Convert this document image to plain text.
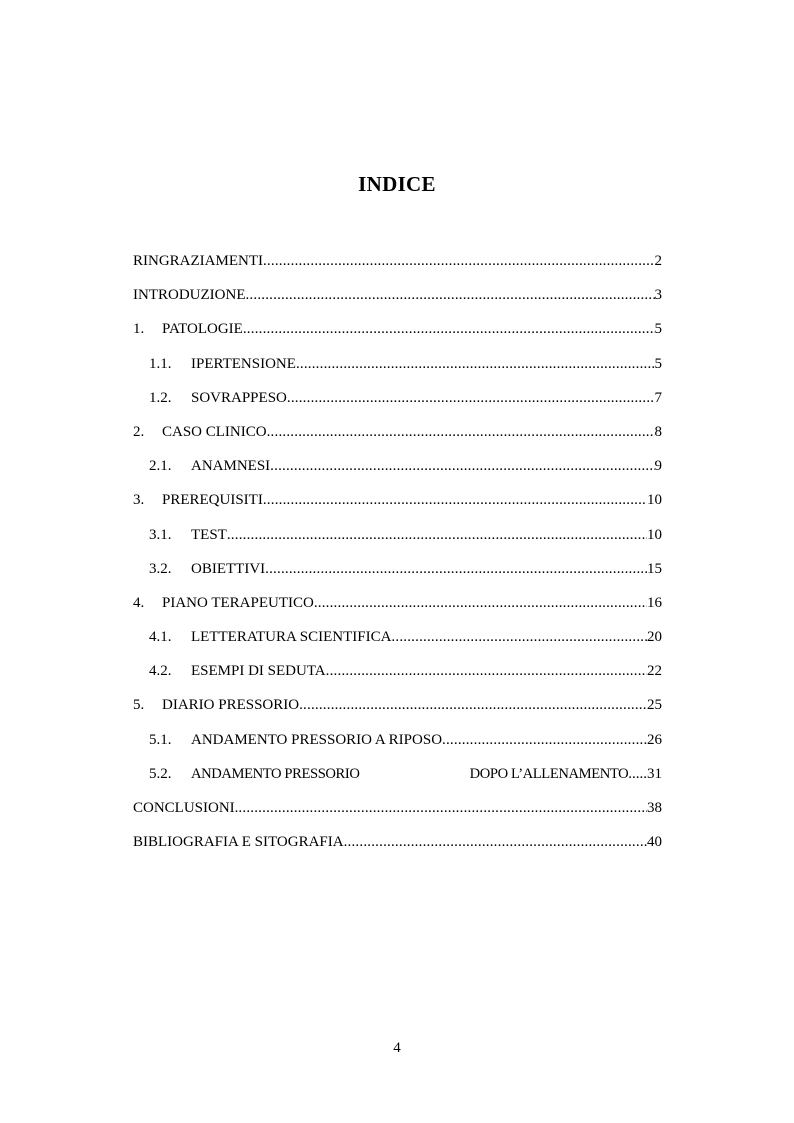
INDICE
RINGRAZIAMENTI .....	2
INTRODUZIONE .....	3
1.	PATOLOGIE .....	5
1.1.	IPERTENSIONE .....	5
1.2.	SOVRAPPESO .....	7
2.	CASO CLINICO .....	8
2.1.	ANAMNESI .....	9
3.	PREREQUISITI .....	10
3.1.	TEST .....	10
3.2.	OBIETTIVI .....	15
4.	PIANO TERAPEUTICO .....	16
4.1.	LETTERATURA SCIENTIFICA .....	20
4.2.	ESEMPI DI SEDUTA .....	22
5.	DIARIO PRESSORIO .....	25
5.1.	ANDAMENTO PRESSORIO A RIPOSO .....	26
5.2.	ANDAMENTO PRESSORIO	DOPO L’ALLENAMENTO ..... 31
CONCLUSIONI. .....	38
BIBLIOGRAFIA E SITOGRAFIA .....	40
4
